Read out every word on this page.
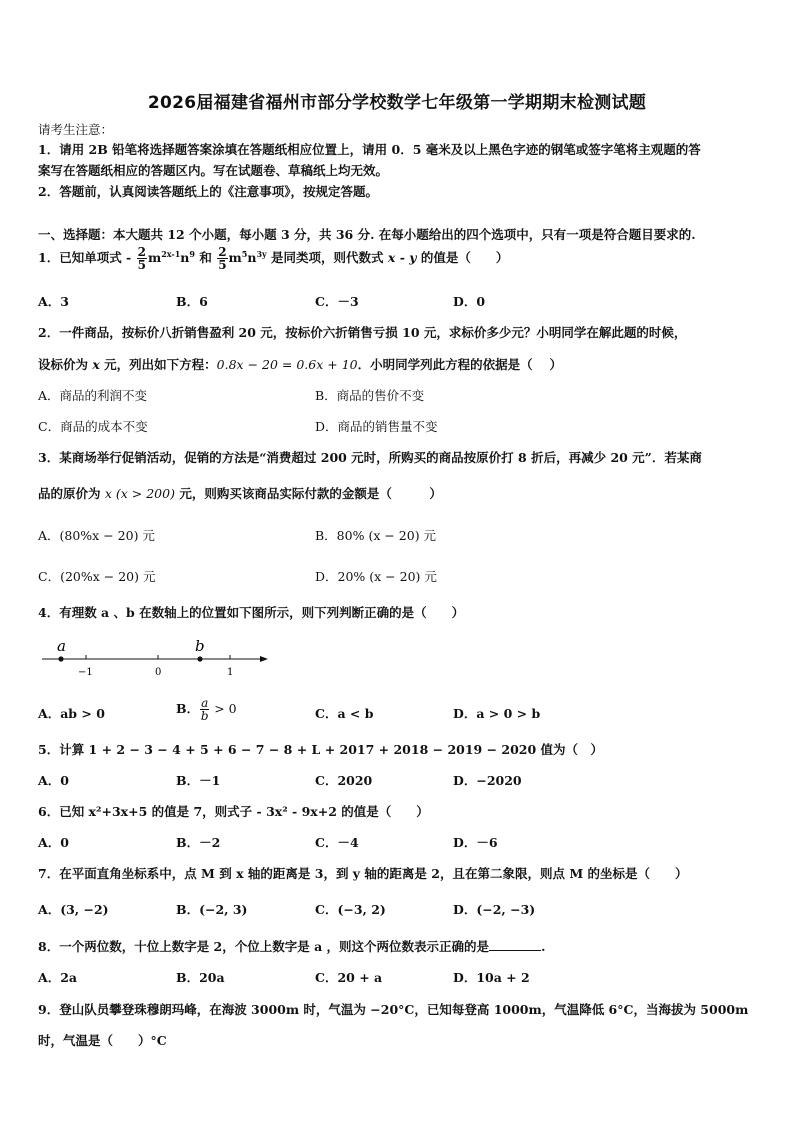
2026届福建省福州市部分学校数学七年级第一学期期末检测试题
请考生注意：
1．请用 2B 铅笔将选择题答案涂填在答题纸相应位置上，请用 0．5 毫米及以上黑色字迹的钢笔或签字笔将主观题的答
案写在答题纸相应的答题区内。写在试题卷、草稿纸上均无效。
2．答题前，认真阅读答题纸上的《注意事项》，按规定答题。
一、选择题：本大题共 12 个小题，每小题 3 分，共 36 分. 在每小题给出的四个选项中，只有一项是符合题目要求的.
1．已知单项式 - $\frac{2}{5} m^{2x-1}n^9$ 和 $\frac{2}{5} m^5n^{3y}$ 是同类项，则代数式 x - y 的值是（　　）
A．3	B．6	C．－3	D．0
2．一件商品，按标价八折销售盈利 20 元，按标价六折销售亏损 10 元，求标价多少元？小明同学在解此题的时候，
设标价为 x 元，列出如下方程：0.8x − 20 = 0.6x + 10．小明同学列此方程的依据是（　 ）
A．商品的利润不变	B．商品的售价不变
C．商品的成本不变	D．商品的销售量不变
3．某商场举行促销活动，促销的方法是“消费超过 200 元时，所购买的商品按原价打 8 折后，再减少 20 元”．若某商
品的原价为 x (x > 200) 元，则购买该商品实际付款的金额是（　　　）
A．(80%x − 20) 元	B．80% (x − 20) 元
C．(20%x − 20) 元	D．20% (x − 20) 元
4．有理数 a 、b 在数轴上的位置如下图所示，则下列判断正确的是（　　）
a	b
−1	0	1
A．ab > 0	B． $\frac{a}{b} > 0$	C．a < b	D．a > 0 > b
5．计算 1 + 2 − 3 − 4 + 5 + 6 − 7 − 8 + L + 2017 + 2018 − 2019 − 2020 值为（　）
A．0	B．－1	C．2020	D．−2020
6．已知 x²+3x+5 的值是 7，则式子 - 3x² - 9x+2 的值是（　　）
A．0	B．－2	C．－4	D．－6
7．在平面直角坐标系中，点 M 到 x 轴的距离是 3，到 y 轴的距离是 2，且在第二象限，则点 M 的坐标是（　　）
A．(3, −2)	B．(−2, 3)	C．(−3, 2)	D．(−2, −3)
8．一个两位数，十位上数字是 2，个位上数字是 a ，则这个两位数表示正确的是	.
A．2a	B．20a	C．20 + a	D．10a + 2
9．登山队员攀登珠穆朗玛峰，在海波 3000m 时，气温为 −20°C，已知每登高 1000m，气温降低 6°C，当海拔为 5000m
时，气温是（　　）°C
